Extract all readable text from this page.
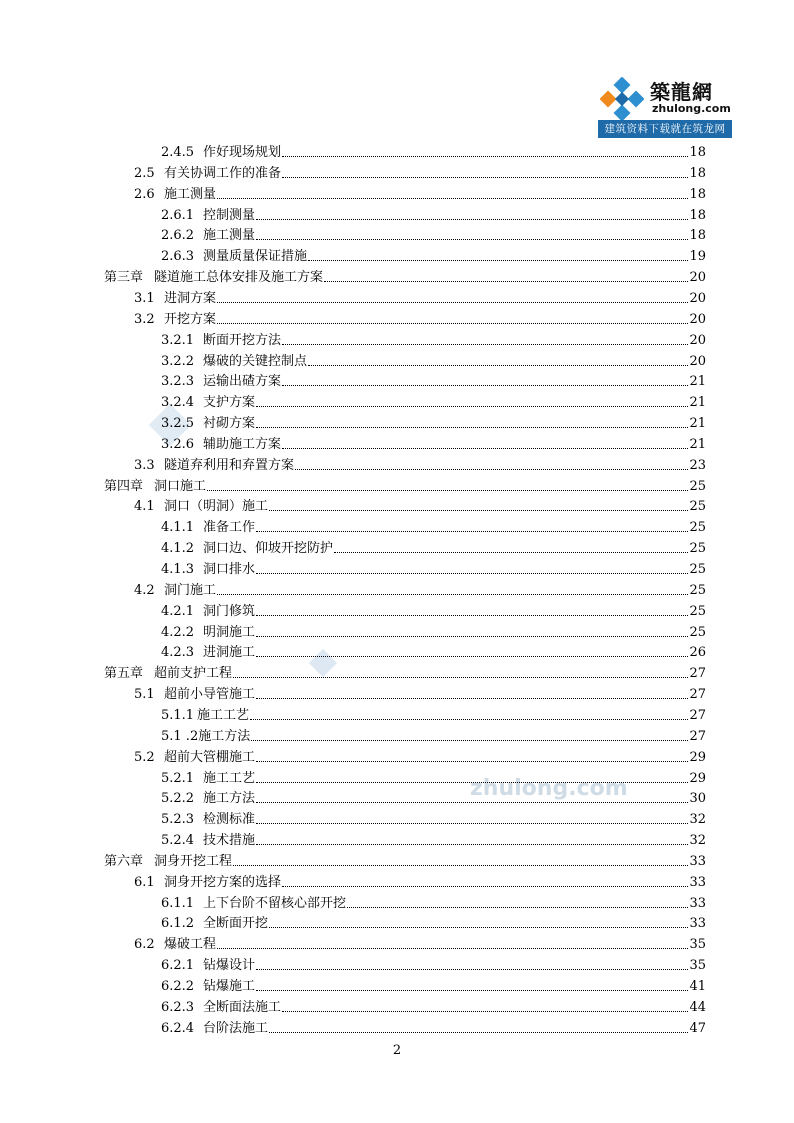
築龍網
zhulong.com
建筑资料下载就在筑龙网
zhulong.com
2.4.5 作好现场规划	18
2.5 有关协调工作的准备	18
2.6 施工测量	18
2.6.1 控制测量	18
2.6.2 施工测量	18
2.6.3 测量质量保证措施	19
第三章 隧道施工总体安排及施工方案	20
3.1 进洞方案	20
3.2 开挖方案	20
3.2.1 断面开挖方法	20
3.2.2 爆破的关键控制点	20
3.2.3 运输出碴方案	21
3.2.4 支护方案	21
3.2.5 衬砌方案	21
3.2.6 辅助施工方案	21
3.3 隧道弃利用和弃置方案	23
第四章 洞口施工	25
4.1 洞口（明洞）施工	25
4.1.1 准备工作	25
4.1.2 洞口边、仰坡开挖防护	25
4.1.3 洞口排水	25
4.2 洞门施工	25
4.2.1 洞门修筑	25
4.2.2 明洞施工	25
4.2.3 进洞施工	26
第五章 超前支护工程	27
5.1 超前小导管施工	27
5.1.1 施工工艺	27
5.1 .2 施工方法	27
5.2 超前大管棚施工	29
5.2.1 施工工艺	29
5.2.2 施工方法	30
5.2.3 检测标准	32
5.2.4 技术措施	32
第六章 洞身开挖工程	33
6.1 洞身开挖方案的选择	33
6.1.1 上下台阶不留核心部开挖	33
6.1.2 全断面开挖	33
6.2 爆破工程	35
6.2.1 钻爆设计	35
6.2.2 钻爆施工	41
6.2.3 全断面法施工	44
6.2.4 台阶法施工	47
2
